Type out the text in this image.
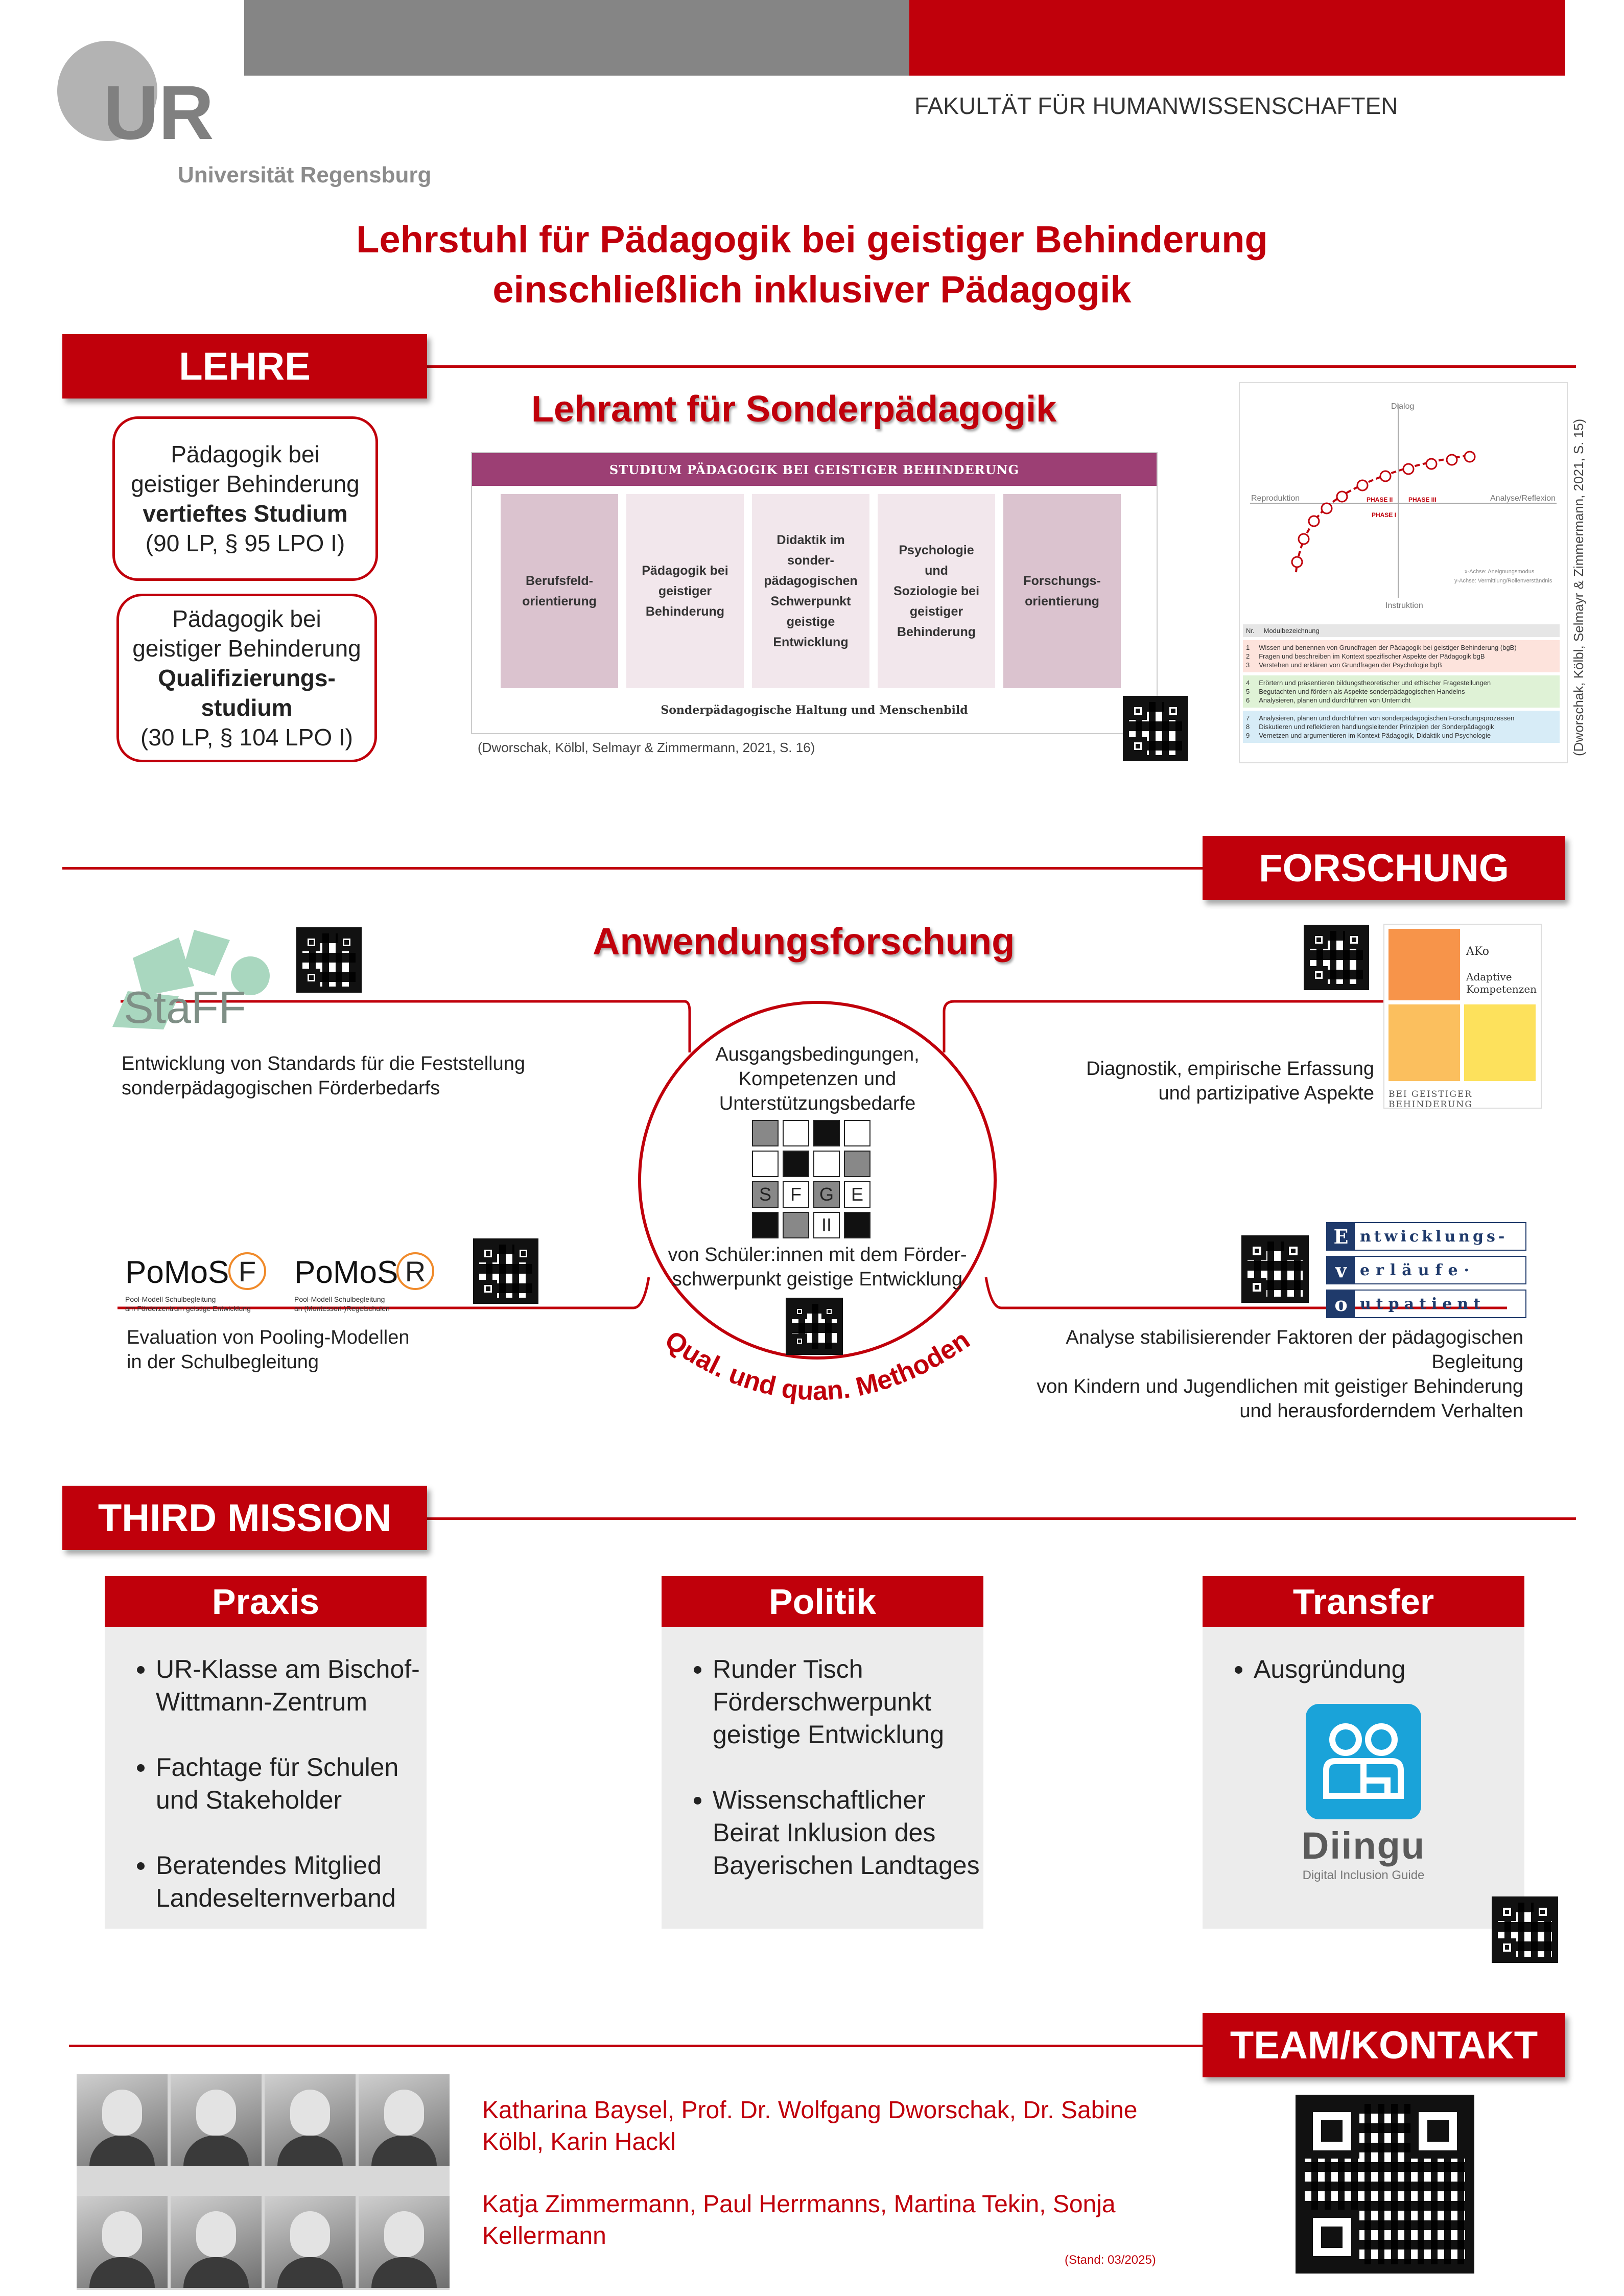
UR
Universität Regensburg
FAKULTÄT FÜR HUMANWISSENSCHAFTEN
Lehrstuhl für Pädagogik bei geistiger Behinderung
einschließlich inklusiver Pädagogik
LEHRE
Pädagogik bei
geistiger Behinderung
vertieftes Studium
(90 LP, § 95 LPO I)
Pädagogik bei
geistiger Behinderung
Qualifizierungs-
studium
(30 LP, § 104 LPO I)
Lehramt für Sonderpädagogik
STUDIUM PÄDAGOGIK BEI GEISTIGER BEHINDERUNG
Berufsfeld-
orientierung
Pädagogik bei
geistiger
Behinderung
Didaktik im
sonder-
pädagogischen
Schwerpunkt
geistige
Entwicklung
Psychologie
und
Soziologie bei
geistiger
Behinderung
Forschungs-
orientierung
Sonderpädagogische Haltung und Menschenbild
(Dworschak, Kölbl, Selmayr & Zimmermann, 2021, S. 16)
Dialog
Reproduktion	Analyse/Reflexion
Instruktion
PHASE I
PHASE II	PHASE III
x-Achse: Aneignungsmodus
y-Achse: Vermittlung/Rollenverständnis
Nr. Modulbezeichnung
1 Wissen und benennen von Grundfragen der Pädagogik bei geistiger Behinderung (bgB)
2 Fragen und beschreiben im Kontext spezifischer Aspekte der Pädagogik bgB
3 Verstehen und erklären von Grundfragen der Psychologie bgB
4 Erörtern und präsentieren bildungstheoretischer und ethischer Fragestellungen
5 Begutachten und fördern als Aspekte sonderpädagogischen Handelns
6 Analysieren, planen und durchführen von Unterricht
7 Analysieren, planen und durchführen von sonderpädagogischen Forschungsprozessen
8 Diskutieren und reflektieren handlungsleitender Prinzipien der Sonderpädagogik
9 Vernetzen und argumentieren im Kontext Pädagogik, Didaktik und Psychologie	(Dworschak, Kölbl, Selmayr & Zimmermann, 2021, S. 15)
FORSCHUNG
Anwendungsforschung
Ausgangsbedingungen,
Kompetenzen und
Unterstützungsbedarfe
S	F G E
II
von Schüler:innen mit dem Förder-
schwerpunkt geistige Entwicklung
Qual. und quan. Methoden
StaFF
Entwicklung von Standards für die Feststellung
sonderpädagogischen Förderbedarfs
AKo
Adaptive
Kompetenzen
BEI GEISTIGER BEHINDERUNG
Diagnostik, empirische Erfassung
und partizipative Aspekte
PoMoS F
Pool-Modell Schulbegleitung
am Förderzentrum geistige Entwicklung
PoMoS R
Pool-Modell Schulbegleitung
an (Montessori-)Regelschulen
Evaluation von Pooling-Modellen
in der Schulbegleitung
E ntwicklungs-
v erläufe·
o utpatient
Analyse stabilisierender Faktoren der pädagogischen Begleitung
von Kindern und Jugendlichen mit geistiger Behinderung
und herausforderndem Verhalten
THIRD MISSION
Praxis
• UR-Klasse am Bischof-Wittmann-Zentrum
• Fachtage für Schulen und Stakeholder
• Beratendes Mitglied Landeselternverband
Politik
• Runder Tisch Förderschwerpunkt geistige Entwicklung
• Wissenschaftlicher Beirat Inklusion des Bayerischen Landtages
Transfer
• Ausgründung
Diingu
Digital Inclusion Guide
TEAM/KONTAKT
Katharina Baysel, Prof. Dr. Wolfgang Dworschak, Dr. Sabine Kölbl, Karin Hackl
Katja Zimmermann, Paul Herrmanns, Martina Tekin, Sonja Kellermann
(Stand: 03/2025)
